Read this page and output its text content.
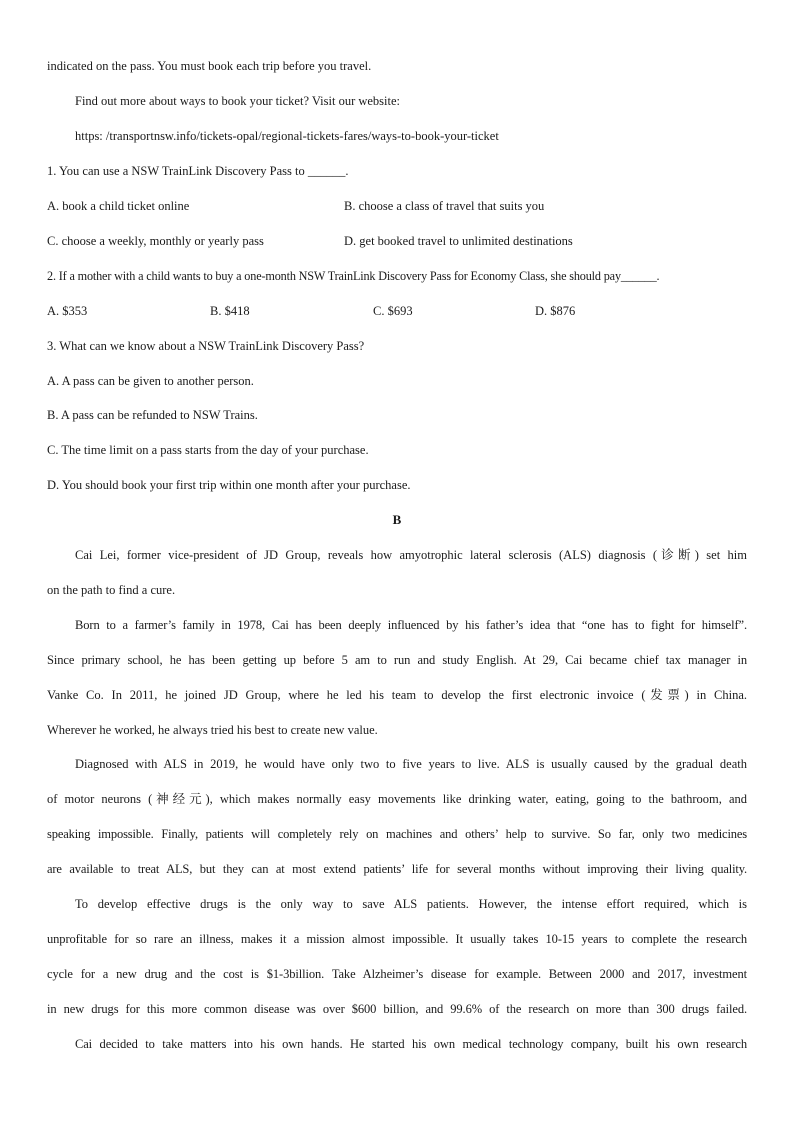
indicated on the pass. You must book each trip before you travel.
Find out more about ways to book your ticket? Visit our website:
https: /transportnsw.info/tickets-opal/regional-tickets-fares/ways-to-book-your-ticket
1. You can use a NSW TrainLink Discovery Pass to ______.
A. book a child ticket online	B. choose a class of travel that suits you
C. choose a weekly, monthly or yearly pass	D. get booked travel to unlimited destinations
2. If a mother with a child wants to buy a one-month NSW TrainLink Discovery Pass for Economy Class, she should pay______.
A. $353	B. $418	C. $693	D. $876
3. What can we know about a NSW TrainLink Discovery Pass?
A. A pass can be given to another person.
B. A pass can be refunded to NSW Trains.
C. The time limit on a pass starts from the day of your purchase.
D. You should book your first trip within one month after your purchase.
B
Cai Lei, former vice-president of JD Group, reveals how amyotrophic lateral sclerosis (ALS) diagnosis (诊断) set him
on the path to find a cure.
Born to a farmer’s family in 1978, Cai has been deeply influenced by his father’s idea that “one has to fight for himself”.
Since primary school, he has been getting up before 5 am to run and study English. At 29, Cai became chief tax manager in
Vanke Co. In 2011, he joined JD Group, where he led his team to develop the first electronic invoice (发票) in China.
Wherever he worked, he always tried his best to create new value.
Diagnosed with ALS in 2019, he would have only two to five years to live. ALS is usually caused by the gradual death
of motor neurons (神经元), which makes normally easy movements like drinking water, eating, going to the bathroom, and
speaking impossible. Finally, patients will completely rely on machines and others’ help to survive. So far, only two medicines
are available to treat ALS, but they can at most extend patients’ life for several months without improving their living quality.
To develop effective drugs is the only way to save ALS patients. However, the intense effort required, which is
unprofitable for so rare an illness, makes it a mission almost impossible. It usually takes 10-15 years to complete the research
cycle for a new drug and the cost is $1-3billion. Take Alzheimer’s disease for example. Between 2000 and 2017, investment
in new drugs for this more common disease was over $600 billion, and 99.6% of the research on more than 300 drugs failed.
Cai decided to take matters into his own hands. He started his own medical technology company, built his own research
